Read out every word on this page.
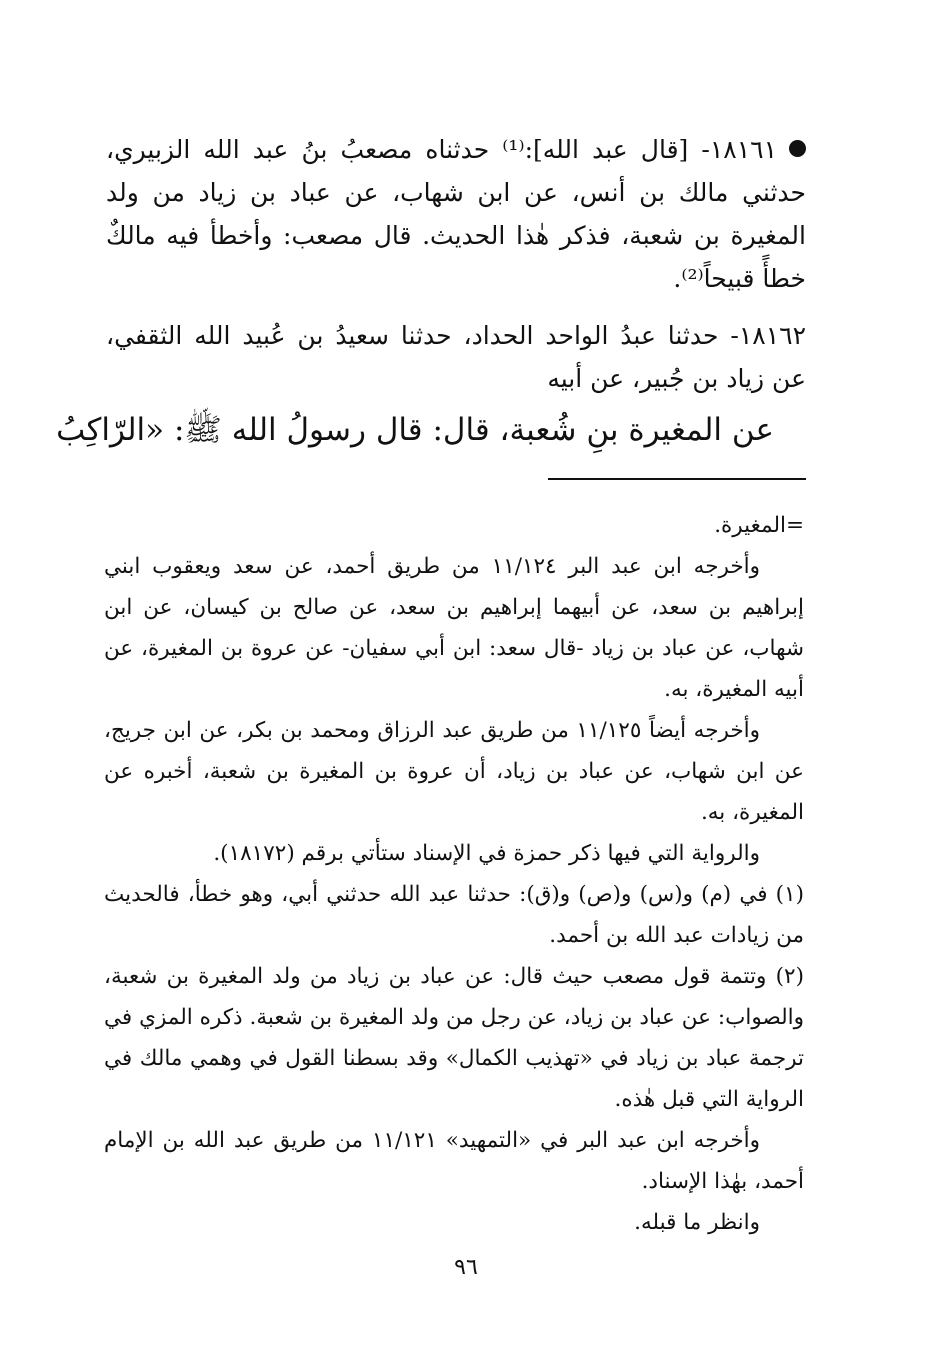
١٨١٦١- [قال عبد الله]:⁽¹⁾ حدثناه مصعبُ بنُ عبد الله الزبيري، حدثني مالك بن أنس، عن ابن شهاب، عن عباد بن زياد من ولد المغيرة بن شعبة، فذكر هٰذا الحديث. قال مصعب: وأخطأ فيه مالكٌ خطأً قبيحاً⁽²⁾.
١٨١٦٢- حدثنا عبدُ الواحد الحداد، حدثنا سعيدُ بن عُبيد الله الثقفي، عن زياد بن جُبير، عن أبيه
عن المغيرة بنِ شُعبة، قال: قال رسولُ الله ﷺ: «الرّاكِبُ

=المغيرة.

وأخرجه ابن عبد البر ١١/١٢٤ من طريق أحمد، عن سعد ويعقوب ابني إبراهيم بن سعد، عن أبيهما إبراهيم بن سعد، عن صالح بن كيسان، عن ابن شهاب، عن عباد بن زياد -قال سعد: ابن أبي سفيان- عن عروة بن المغيرة، عن أبيه المغيرة، به.

وأخرجه أيضاً ١١/١٢٥ من طريق عبد الرزاق ومحمد بن بكر، عن ابن جريج، عن ابن شهاب، عن عباد بن زياد، أن عروة بن المغيرة بن شعبة، أخبره عن المغيرة، به.

والرواية التي فيها ذكر حمزة في الإسناد ستأتي برقم (١٨١٧٢).

(١) في (م) و(س) و(ص) و(ق): حدثنا عبد الله حدثني أبي، وهو خطأ، فالحديث من زيادات عبد الله بن أحمد.

(٢) وتتمة قول مصعب حيث قال: عن عباد بن زياد من ولد المغيرة بن شعبة، والصواب: عن عباد بن زياد، عن رجل من ولد المغيرة بن شعبة. ذكره المزي في ترجمة عباد بن زياد في «تهذيب الكمال» وقد بسطنا القول في وهمي مالك في الرواية التي قبل هٰذه.

وأخرجه ابن عبد البر في «التمهيد» ١١/١٢١ من طريق عبد الله بن الإمام أحمد، بهٰذا الإسناد.

وانظر ما قبله.

٩٦
